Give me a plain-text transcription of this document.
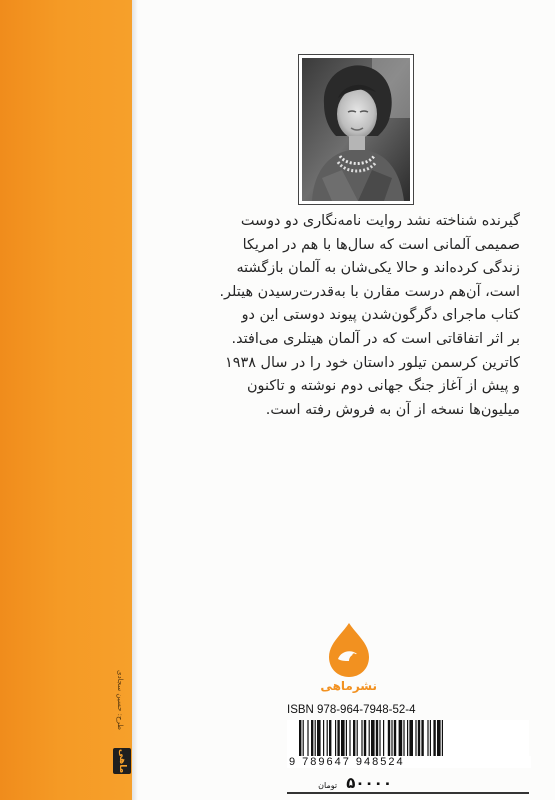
گیرنده شناخته نشد روایت نامه‌نگاری دو دوست
صمیمی آلمانی است که سال‌ها با هم در امریکا
زندگی کرده‌اند و حالا یکی‌شان به آلمان بازگشته
است، آن‌هم درست مقارن با به‌قدرت‌رسیدن هیتلر.
کتاب ماجرای دگرگون‌شدن پیوند دوستی این دو
بر اثر اتفاقاتی است که در آلمان هیتلری می‌افتد.
کاترین کرسمن تیلور داستان خود را در سال ۱۹۳۸
و پیش از آغاز جنگ جهانی دوم نوشته و تاکنون
میلیون‌ها نسخه از آن به فروش رفته است.

نشرماهی
طرح: حسین سجادی
ماهی
ISBN 978-964-7948-52-4
9 789647 948524
۵۰۰۰۰ تومان
